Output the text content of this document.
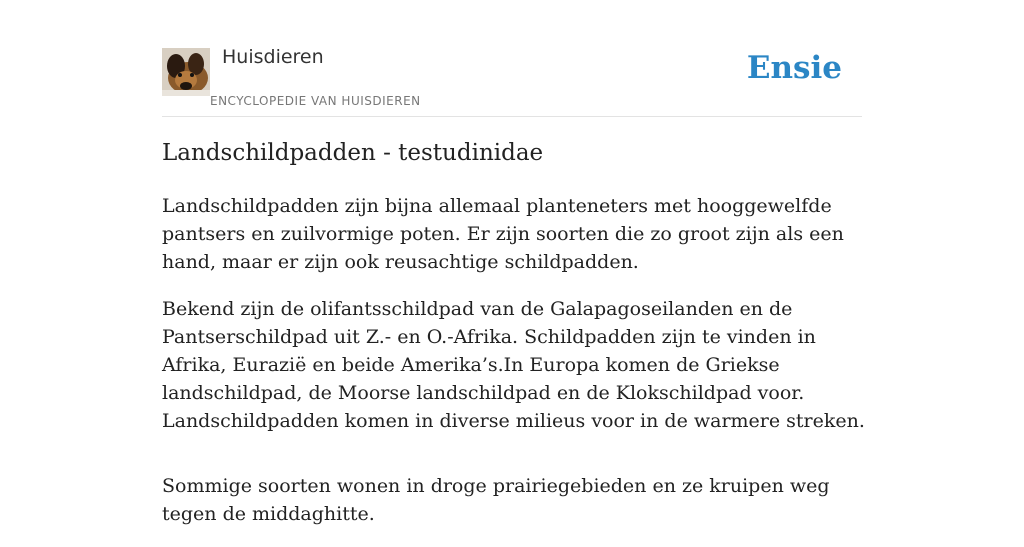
Huisdieren
ENCYCLOPEDIE VAN HUISDIEREN
Ensie
Landschildpadden - testudinidae

Landschildpadden zijn bijna allemaal planteneters met hooggewelfde pantsers en zuilvormige poten. Er zijn soorten die zo groot zijn als een hand, maar er zijn ook reusachtige schildpadden.

Bekend zijn de olifantsschildpad van de Galapagoseilanden en de Pantserschildpad uit Z.- en O.-Afrika. Schildpadden zijn te vinden in Afrika, Eurazië en beide Amerika’s.In Europa komen de Griekse landschildpad, de Moorse landschildpad en de Klokschildpad voor. Landschildpadden komen in diverse milieus voor in de warmere streken.

Sommige soorten wonen in droge prairiegebieden en ze kruipen weg tegen de middaghitte.
